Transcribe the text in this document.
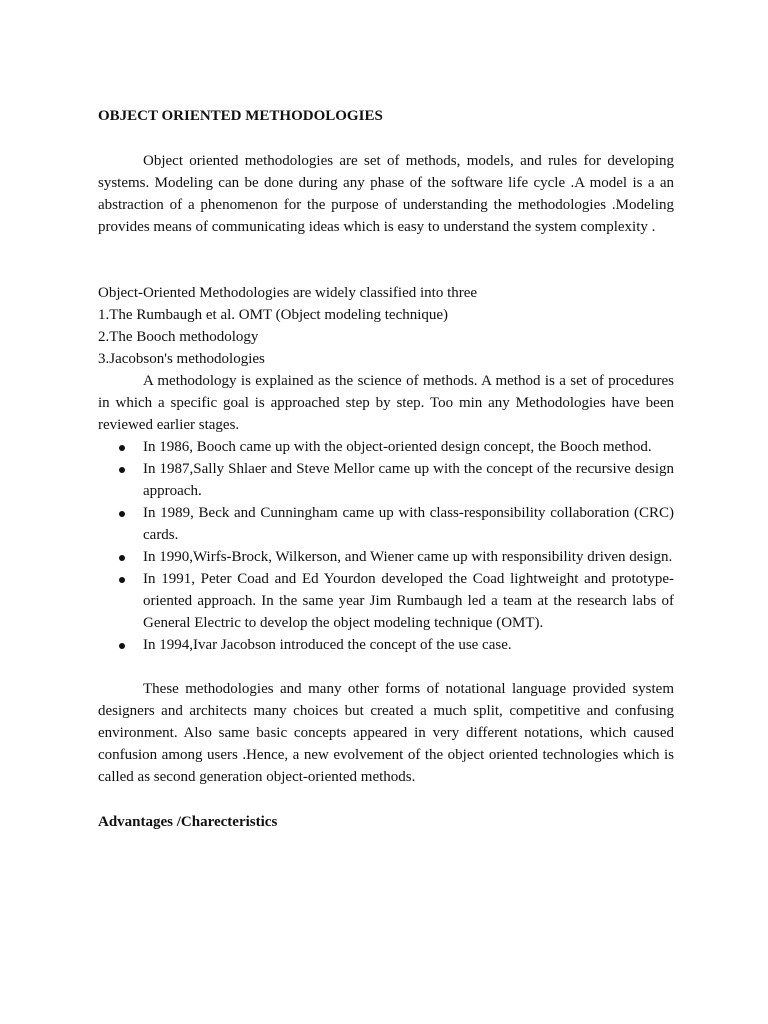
OBJECT ORIENTED METHODOLOGIES

Object oriented methodologies are set of methods, models, and rules for developing systems. Modeling can be done during any phase of the software life cycle .A model is a an abstraction of a phenomenon for the purpose of understanding the methodologies .Modeling provides means of communicating ideas which is easy to understand the system complexity .

Object-Oriented Methodologies are widely classified into three

1.The Rumbaugh et al. OMT (Object modeling technique)

2.The Booch methodology

3.Jacobson's methodologies

A methodology is explained as the science of methods. A method is a set of procedures in which a specific goal is approached step by step. Too min any Methodologies have been reviewed earlier stages.

In 1986, Booch came up with the object-oriented design concept, the Booch method.
In 1987,Sally Shlaer and Steve Mellor came up with the concept of the recursive design approach.
In 1989, Beck and Cunningham came up with class-responsibility collaboration (CRC) cards.
In 1990,Wirfs-Brock, Wilkerson, and Wiener came up with responsibility driven design.
In 1991, Peter Coad and Ed Yourdon developed the Coad lightweight and prototype-oriented approach. In the same year Jim Rumbaugh led a team at the research labs of General Electric to develop the object modeling technique (OMT).
In 1994,Ivar Jacobson introduced the concept of the use case.

These methodologies and many other forms of notational language provided system designers and architects many choices but created a much split, competitive and confusing environment. Also same basic concepts appeared in very different notations, which caused confusion among users .Hence, a new evolvement of the object oriented technologies which is called as second generation object-oriented methods.

Advantages /Charecteristics
